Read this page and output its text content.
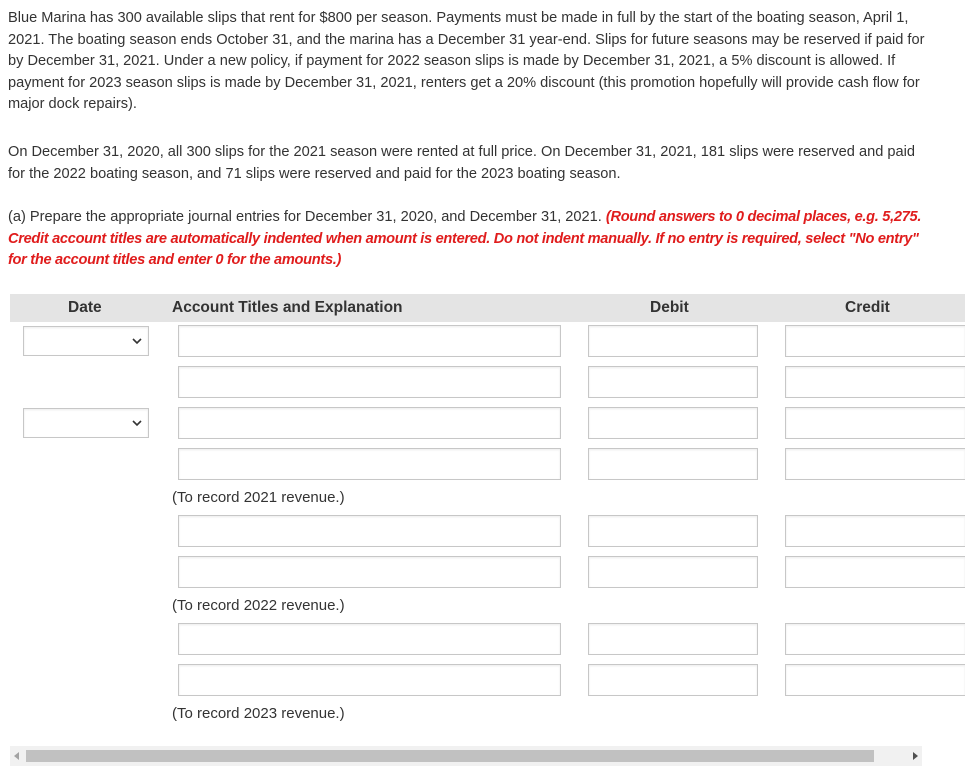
Blue Marina has 300 available slips that rent for $800 per season. Payments must be made in full by the start of the boating season, April 1, 2021. The boating season ends October 31, and the marina has a December 31 year-end. Slips for future seasons may be reserved if paid for by December 31, 2021. Under a new policy, if payment for 2022 season slips is made by December 31, 2021, a 5% discount is allowed. If payment for 2023 season slips is made by December 31, 2021, renters get a 20% discount (this promotion hopefully will provide cash flow for major dock repairs).
On December 31, 2020, all 300 slips for the 2021 season were rented at full price. On December 31, 2021, 181 slips were reserved and paid for the 2022 boating season, and 71 slips were reserved and paid for the 2023 boating season.
(a) Prepare the appropriate journal entries for December 31, 2020, and December 31, 2021. (Round answers to 0 decimal places, e.g. 5,275. Credit account titles are automatically indented when amount is entered. Do not indent manually. If no entry is required, select "No entry" for the account titles and enter 0 for the amounts.)
Date	Account Titles and Explanation	Debit	Credit
(To record 2021 revenue.)
(To record 2022 revenue.)
(To record 2023 revenue.)
